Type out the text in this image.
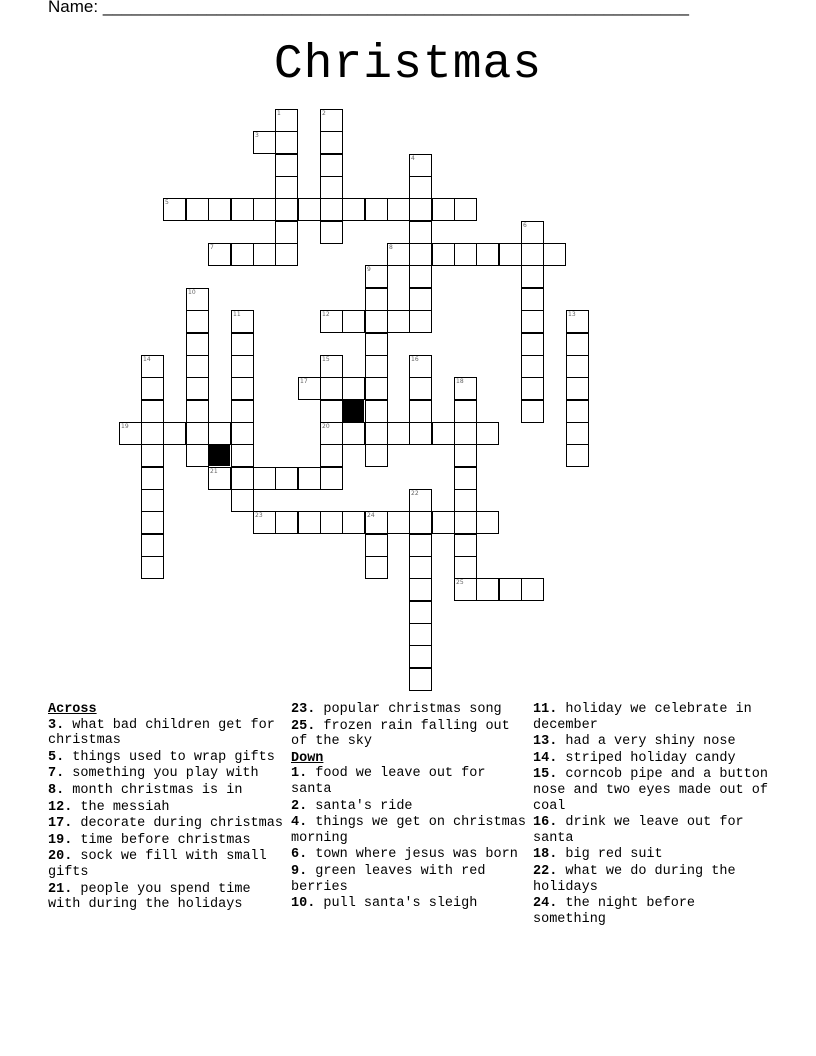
Name: ______________________________________________________________
Christmas
1	2
3
4
5
6
7	8
9
10
11	12	13
14	15
20
16
17	18
19
21
22
23	24
25
Across
3. what bad children get for christmas
5. things used to wrap gifts
7. something you play with
8. month christmas is in
12. the messiah
17. decorate during christmas
19. time before christmas
20. sock we fill with small gifts
21. people you spend time with during the holidays
23. popular christmas song
25. frozen rain falling out of the sky
Down
1. food we leave out for santa
2. santa's ride
4. things we get on christmas morning
6. town where jesus was born
9. green leaves with red berries
10. pull santa's sleigh
11. holiday we celebrate in december
13. had a very shiny nose
14. striped holiday candy
15. corncob pipe and a button nose and two eyes made out of coal
16. drink we leave out for santa
18. big red suit
22. what we do during the holidays
24. the night before something
